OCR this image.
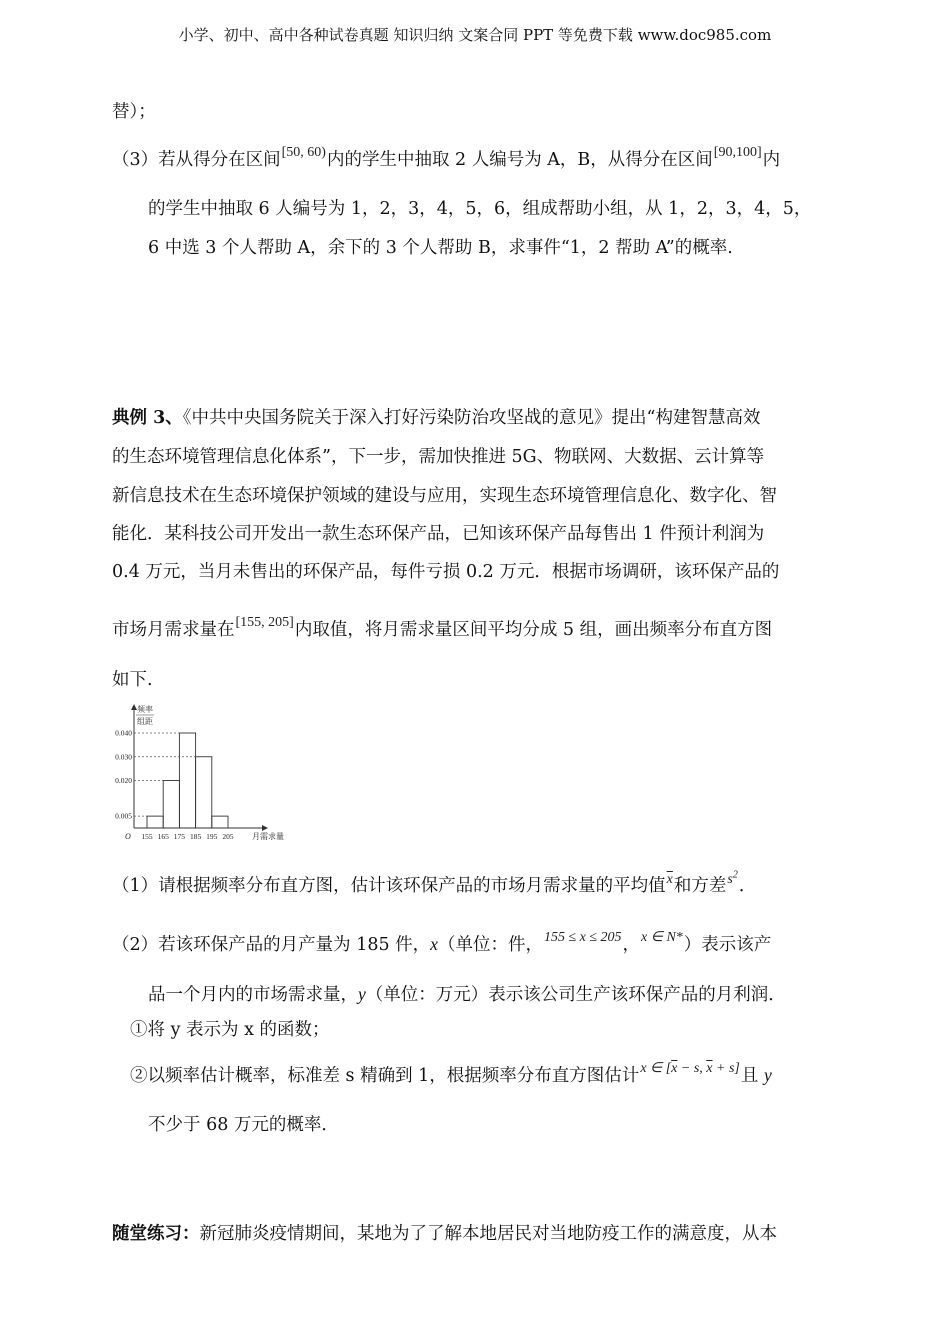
小学、初中、高中各种试卷真题 知识归纳 文案合同 PPT 等免费下载 www.doc985.com
替）；
（3）若从得分在区间$^{[50, 60)}$内的学生中抽取 2 人编号为 A，B，从得分在区间[90,100]内
的学生中抽取 6 人编号为 1，2，3，4，5，6，组成帮助小组，从 1，2，3，4，5，
6 中选 3 个人帮助 A，余下的 3 个人帮助 B，求事件“1，2 帮助 A”的概率.
典例 3、《中共中央国务院关于深入打好污染防治攻坚战的意见》提出“构建智慧高效
的生态环境管理信息化体系”，下一步，需加快推进 5G、物联网、大数据、云计算等
新信息技术在生态环境保护领域的建设与应用，实现生态环境管理信息化、数字化、智
能化．某科技公司开发出一款生态环保产品，已知该环保产品每售出 1 件预计利润为
0.4 万元，当月未售出的环保产品，每件亏损 0.2 万元．根据市场调研，该环保产品的
市场月需求量在[155, 205]内取值，将月需求量区间平均分成 5 组，画出频率分布直方图
如下.
频率
组距
0.005
0.020
0.030
0.040
155 165 175 185 195 205 月需求量
O
（1）请根据频率分布直方图，估计该环保产品的市场月需求量的平均值$^{\overline{x}}$和方差$^{s^2}$．
（2）若该环保产品的月产量为 185 件，x（单位：件，$^{155 \le x \le 205}$，$^{x \in N*}$）表示该产
品一个月内的市场需求量，y（单位：万元）表示该公司生产该环保产品的月利润．
①将 y 表示为 x 的函数；
②以频率估计概率，标准差 s 精确到 1，根据频率分布直方图估计$^{x \in [\overline{x} - s, \overline{x} + s]}$且 y
不少于 68 万元的概率．
随堂练习：新冠肺炎疫情期间，某地为了了解本地居民对当地防疫工作的满意度，从本
